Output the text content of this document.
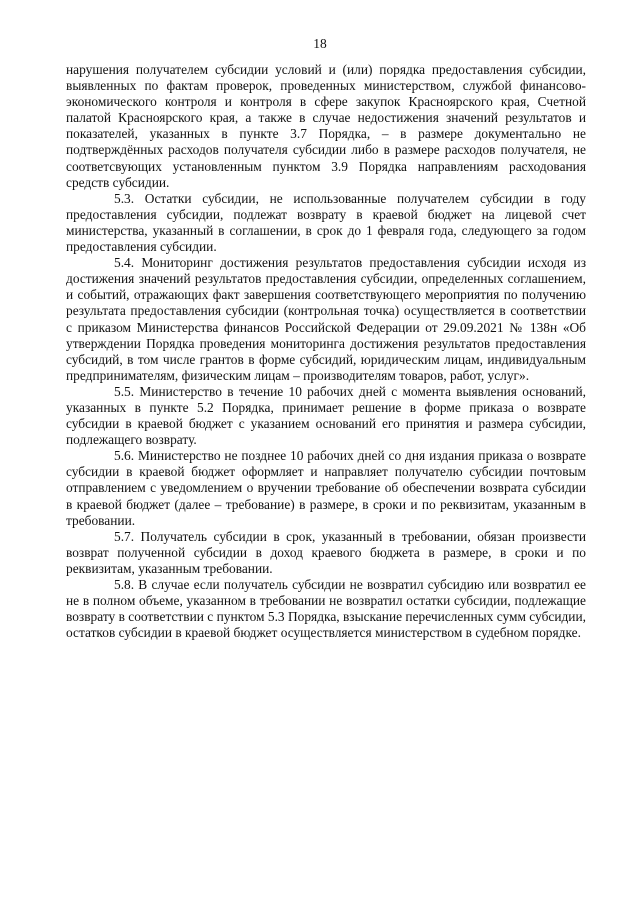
18

нарушения получателем субсидии условий и (или) порядка предоставления субсидии, выявленных по фактам проверок, проведенных министерством, службой финансово-экономического контроля и контроля в сфере закупок Красноярского края, Счетной палатой Красноярского края, а также в случае недостижения значений результатов и показателей, указанных в пункте 3.7 Порядка, – в размере документально не подтверждённых расходов получателя субсидии либо в размере расходов получателя, не соответсвующих установленным пунктом 3.9 Порядка направлениям расходования средств субсидии.

5.3. Остатки субсидии, не использованные получателем субсидии в году предоставления субсидии, подлежат возврату в краевой бюджет на лицевой счет министерства, указанный в соглашении, в срок до 1 февраля года, следующего за годом предоставления субсидии.

5.4. Мониторинг достижения результатов предоставления субсидии исходя из достижения значений результатов предоставления субсидии, определенных соглашением, и событий, отражающих факт завершения соответствующего мероприятия по получению результата предоставления субсидии (контрольная точка) осуществляется в соответствии с приказом Министерства финансов Российской Федерации от 29.09.2021 № 138н «Об утверждении Порядка проведения мониторинга достижения результатов предоставления субсидий, в том числе грантов в форме субсидий, юридическим лицам, индивидуальным предпринимателям, физическим лицам – производителям товаров, работ, услуг».

5.5. Министерство в течение 10 рабочих дней с момента выявления оснований, указанных в пункте 5.2 Порядка, принимает решение в форме приказа о возврате субсидии в краевой бюджет с указанием оснований его принятия и размера субсидии, подлежащего возврату.

5.6. Министерство не позднее 10 рабочих дней со дня издания приказа о возврате субсидии в краевой бюджет оформляет и направляет получателю субсидии почтовым отправлением с уведомлением о вручении требование об обеспечении возврата субсидии в краевой бюджет (далее – требование) в размере, в сроки и по реквизитам, указанным в требовании.

5.7. Получатель субсидии в срок, указанный в требовании, обязан произвести возврат полученной субсидии в доход краевого бюджета в размере, в сроки и по реквизитам, указанным требовании.

5.8. В случае если получатель субсидии не возвратил субсидию или возвратил ее не в полном объеме, указанном в требовании не возвратил остатки субсидии, подлежащие возврату в соответствии с пунктом 5.3 Порядка, взыскание перечисленных сумм субсидии, остатков субсидии в краевой бюджет осуществляется министерством в судебном порядке.
